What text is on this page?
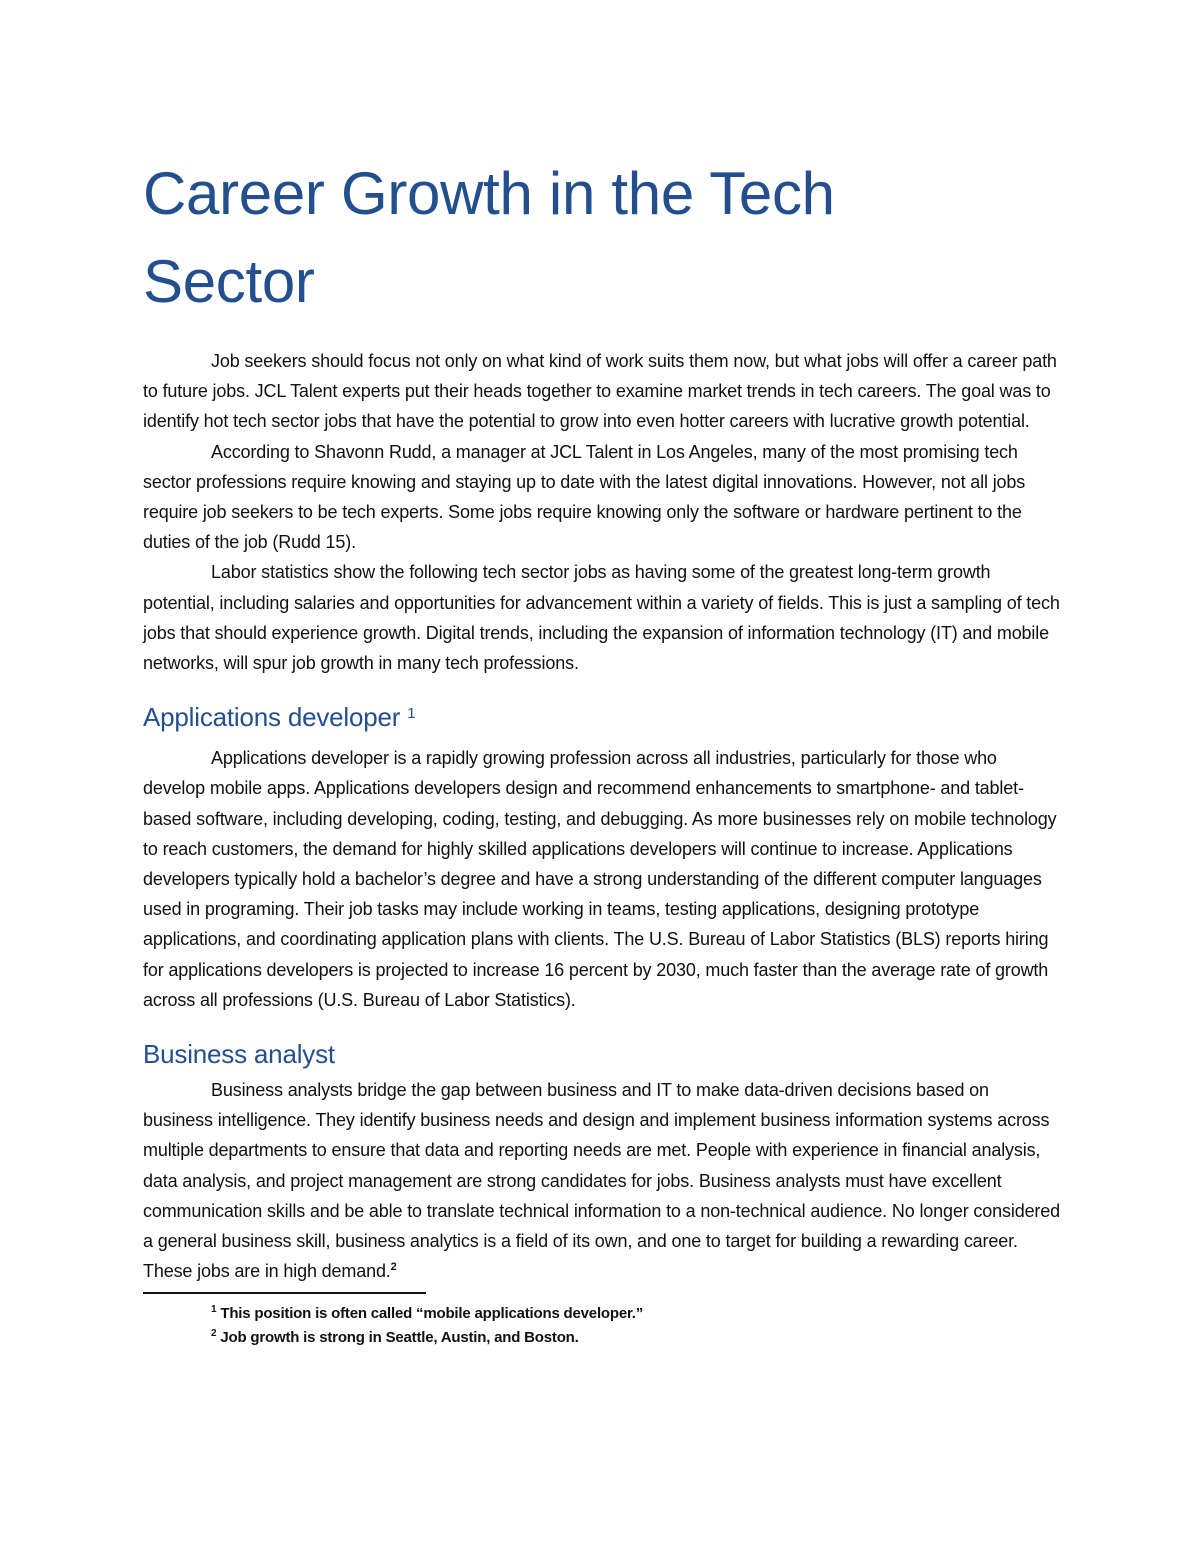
Career Growth in the Tech Sector

Job seekers should focus not only on what kind of work suits them now, but what jobs will offer a career path to future jobs. JCL Talent experts put their heads together to examine market trends in tech careers. The goal was to identify hot tech sector jobs that have the potential to grow into even hotter careers with lucrative growth potential.

According to Shavonn Rudd, a manager at JCL Talent in Los Angeles, many of the most promising tech sector professions require knowing and staying up to date with the latest digital innovations. However, not all jobs require job seekers to be tech experts. Some jobs require knowing only the software or hardware pertinent to the duties of the job (Rudd 15).

Labor statistics show the following tech sector jobs as having some of the greatest long-term growth potential, including salaries and opportunities for advancement within a variety of fields. This is just a sampling of tech jobs that should experience growth. Digital trends, including the expansion of information technology (IT) and mobile networks, will spur job growth in many tech professions.

Applications developer $^1$

Applications developer is a rapidly growing profession across all industries, particularly for those who develop mobile apps. Applications developers design and recommend enhancements to smartphone- and tablet-based software, including developing, coding, testing, and debugging. As more businesses rely on mobile technology to reach customers, the demand for highly skilled applications developers will continue to increase. Applications developers typically hold a bachelor’s degree and have a strong understanding of the different computer languages used in programing. Their job tasks may include working in teams, testing applications, designing prototype applications, and coordinating application plans with clients. The U.S. Bureau of Labor Statistics (BLS) reports hiring for applications developers is projected to increase 16 percent by 2030, much faster than the average rate of growth across all professions (U.S. Bureau of Labor Statistics).

Business analyst

Business analysts bridge the gap between business and IT to make data-driven decisions based on business intelligence. They identify business needs and design and implement business information systems across multiple departments to ensure that data and reporting needs are met. People with experience in financial analysis, data analysis, and project management are strong candidates for jobs. Business analysts must have excellent communication skills and be able to translate technical information to a non-technical audience. No longer considered a general business skill, business analytics is a field of its own, and one to target for building a rewarding career. These jobs are in high demand.$^2$

$^1$ This position is often called “mobile applications developer.”

$^2$ Job growth is strong in Seattle, Austin, and Boston.
